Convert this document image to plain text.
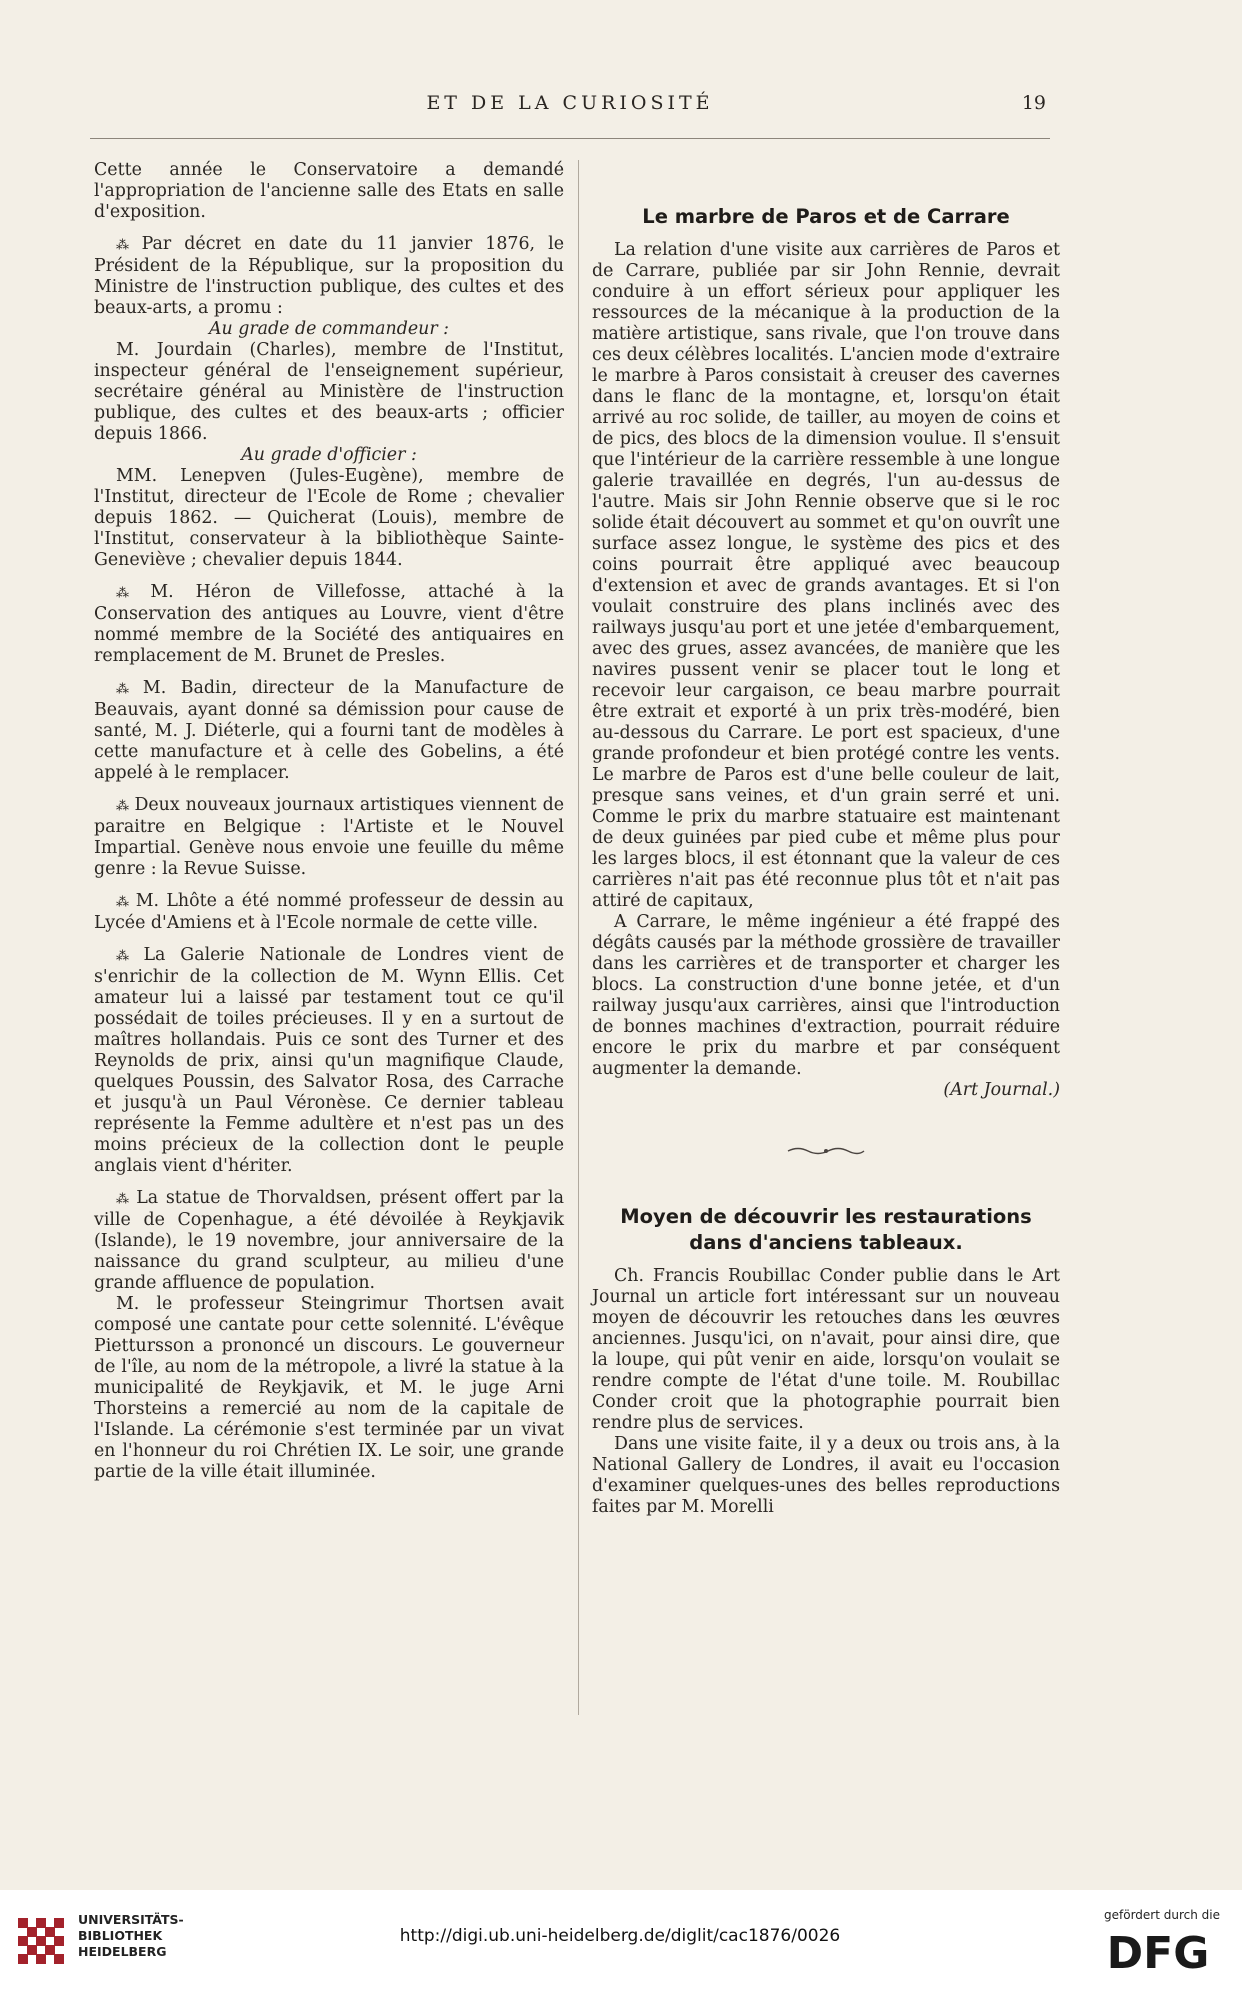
ET DE LA CURIOSITÉ	19

Cette année le Conservatoire a demandé l'appropriation de l'ancienne salle des Etats en salle d'exposition.

⁂ Par décret en date du 11 janvier 1876, le Président de la République, sur la proposition du Ministre de l'instruction publique, des cultes et des beaux-arts, a promu :

Au grade de commandeur :

M. Jourdain (Charles), membre de l'Institut, inspecteur général de l'enseignement supérieur, secrétaire général au Ministère de l'instruction publique, des cultes et des beaux-arts ; officier depuis 1866.

Au grade d'officier :

MM. Lenepven (Jules-Eugène), membre de l'Institut, directeur de l'Ecole de Rome ; chevalier depuis 1862. — Quicherat (Louis), membre de l'Institut, conservateur à la bibliothèque Sainte-Geneviève ; chevalier depuis 1844.

⁂ M. Héron de Villefosse, attaché à la Conservation des antiques au Louvre, vient d'être nommé membre de la Société des antiquaires en remplacement de M. Brunet de Presles.

⁂ M. Badin, directeur de la Manufacture de Beauvais, ayant donné sa démission pour cause de santé, M. J. Diéterle, qui a fourni tant de modèles à cette manufacture et à celle des Gobelins, a été appelé à le remplacer.

⁂ Deux nouveaux journaux artistiques viennent de paraitre en Belgique : l'Artiste et le Nouvel Impartial. Genève nous envoie une feuille du même genre : la Revue Suisse.

⁂ M. Lhôte a été nommé professeur de dessin au Lycée d'Amiens et à l'Ecole normale de cette ville.

⁂ La Galerie Nationale de Londres vient de s'enrichir de la collection de M. Wynn Ellis. Cet amateur lui a laissé par testament tout ce qu'il possédait de toiles précieuses. Il y en a surtout de maîtres hollandais. Puis ce sont des Turner et des Reynolds de prix, ainsi qu'un magnifique Claude, quelques Poussin, des Salvator Rosa, des Carrache et jusqu'à un Paul Véronèse. Ce dernier tableau représente la Femme adultère et n'est pas un des moins précieux de la collection dont le peuple anglais vient d'hériter.

⁂ La statue de Thorvaldsen, présent offert par la ville de Copenhague, a été dévoilée à Reykjavik (Islande), le 19 novembre, jour anniversaire de la naissance du grand sculpteur, au milieu d'une grande affluence de population.

M. le professeur Steingrimur Thortsen avait composé une cantate pour cette solennité. L'évêque Piettursson a prononcé un discours. Le gouverneur de l'île, au nom de la métropole, a livré la statue à la municipalité de Reykjavik, et M. le juge Arni Thorsteins a remercié au nom de la capitale de l'Islande. La cérémonie s'est terminée par un vivat en l'honneur du roi Chrétien IX. Le soir, une grande partie de la ville était illuminée.

Le marbre de Paros et de Carrare

La relation d'une visite aux carrières de Paros et de Carrare, publiée par sir John Rennie, devrait conduire à un effort sérieux pour appliquer les ressources de la mécanique à la production de la matière artistique, sans rivale, que l'on trouve dans ces deux célèbres localités. L'ancien mode d'extraire le marbre à Paros consistait à creuser des cavernes dans le flanc de la montagne, et, lorsqu'on était arrivé au roc solide, de tailler, au moyen de coins et de pics, des blocs de la dimension voulue. Il s'ensuit que l'intérieur de la carrière ressemble à une longue galerie travaillée en degrés, l'un au-dessus de l'autre. Mais sir John Rennie observe que si le roc solide était découvert au sommet et qu'on ouvrît une surface assez longue, le système des pics et des coins pourrait être appliqué avec beaucoup d'extension et avec de grands avantages. Et si l'on voulait construire des plans inclinés avec des railways jusqu'au port et une jetée d'embarquement, avec des grues, assez avancées, de manière que les navires pussent venir se placer tout le long et recevoir leur cargaison, ce beau marbre pourrait être extrait et exporté à un prix très-modéré, bien au-dessous du Carrare. Le port est spacieux, d'une grande profondeur et bien protégé contre les vents. Le marbre de Paros est d'une belle couleur de lait, presque sans veines, et d'un grain serré et uni. Comme le prix du marbre statuaire est maintenant de deux guinées par pied cube et même plus pour les larges blocs, il est étonnant que la valeur de ces carrières n'ait pas été reconnue plus tôt et n'ait pas attiré de capitaux,

A Carrare, le même ingénieur a été frappé des dégâts causés par la méthode grossière de travailler dans les carrières et de transporter et charger les blocs. La construction d'une bonne jetée, et d'un railway jusqu'aux carrières, ainsi que l'introduction de bonnes machines d'extraction, pourrait réduire encore le prix du marbre et par conséquent augmenter la demande.

(Art Journal.)

Moyen de découvrir les restaurations dans d'anciens tableaux.

Ch. Francis Roubillac Conder publie dans le Art Journal un article fort intéressant sur un nouveau moyen de découvrir les retouches dans les œuvres anciennes. Jusqu'ici, on n'avait, pour ainsi dire, que la loupe, qui pût venir en aide, lorsqu'on voulait se rendre compte de l'état d'une toile. M. Roubillac Conder croit que la photographie pourrait bien rendre plus de services.

Dans une visite faite, il y a deux ou trois ans, à la National Gallery de Londres, il avait eu l'occasion d'examiner quelques-unes des belles reproductions faites par M. Morelli

UNIVERSITÄTS-
BIBLIOTHEK
HEIDELBERG
http://digi.ub.uni-heidelberg.de/diglit/cac1876/0026
gefördert durch die
DFG
